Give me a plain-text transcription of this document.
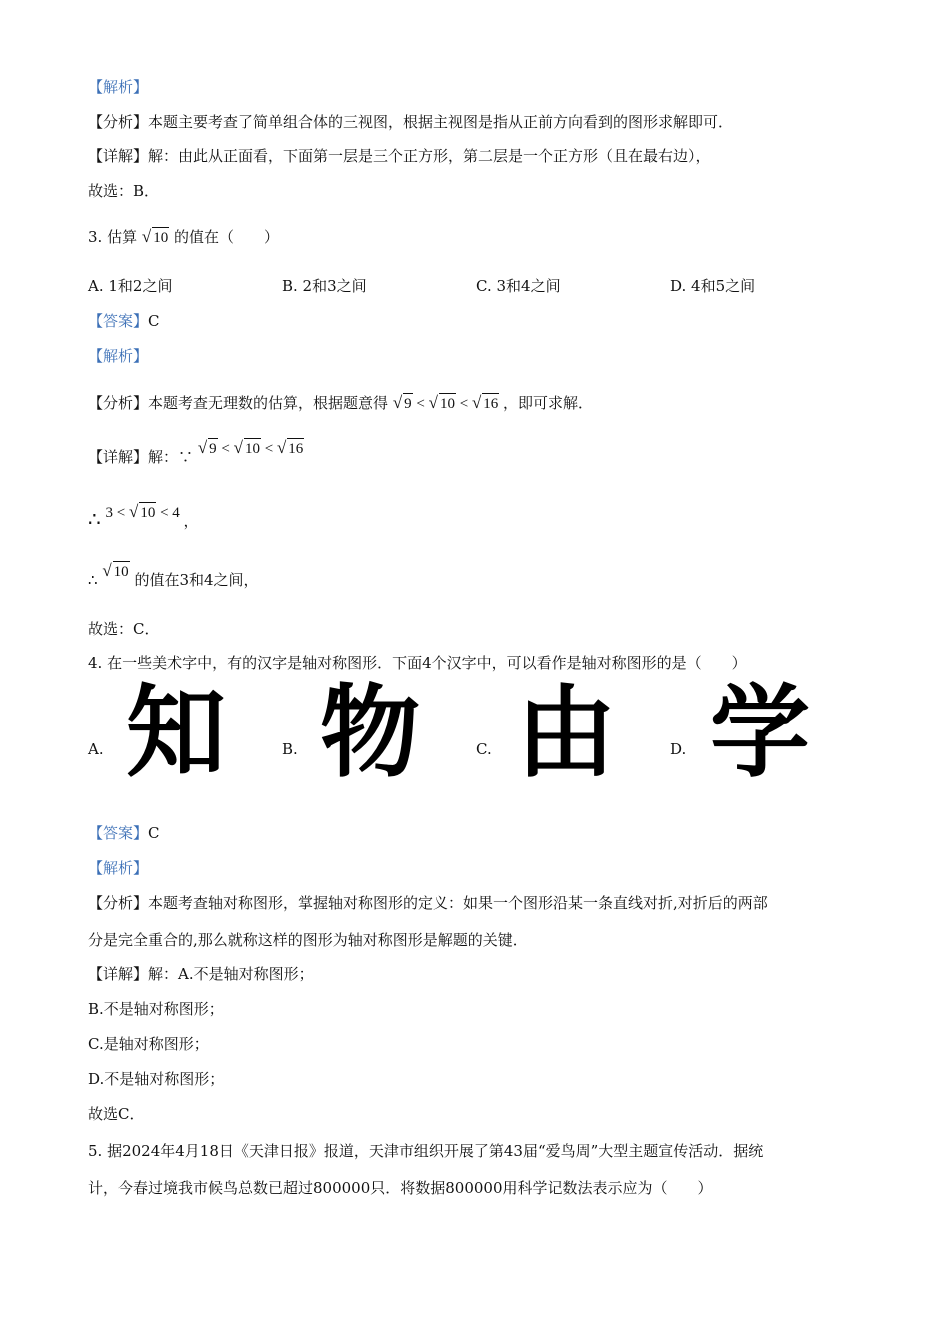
【解析】
【分析】本题主要考查了简单组合体的三视图，根据主视图是指从正前方向看到的图形求解即可．
【详解】解：由此从正面看，下面第一层是三个正方形，第二层是一个正方形（且在最右边），
故选：B．
3. 估算 √ 10 的值在（　　）
A. 1和2之间	B. 2和3之间	C. 3和4之间	D. 4和5之间
【答案】C
【解析】
【分析】本题考查无理数的估算，根据题意得 √ 9 < √ 10 < √ 16 ，即可求解．
【详解】解：∵ √ 9 < √ 10 < √ 16
∴ 3 < √ 10 < 4 ，
∴ √ 10 的值在3和4之间，
故选：C．
4. 在一些美术字中，有的汉字是轴对称图形．下面4个汉字中，可以看作是轴对称图形的是（　　）
A. 知	B. 物	C. 由	D. 学
【答案】C
【解析】
【分析】本题考查轴对称图形，掌握轴对称图形的定义：如果一个图形沿某一条直线对折,对折后的两部
分是完全重合的,那么就称这样的图形为轴对称图形是解题的关键．
【详解】解：A.不是轴对称图形；
B.不是轴对称图形；
C.是轴对称图形；
D.不是轴对称图形；
故选C．
5. 据2024年4月18日《天津日报》报道，天津市组织开展了第43届“爱鸟周”大型主题宣传活动．据统
计，今春过境我市候鸟总数已超过800000只．将数据800000用科学记数法表示应为（　　）
